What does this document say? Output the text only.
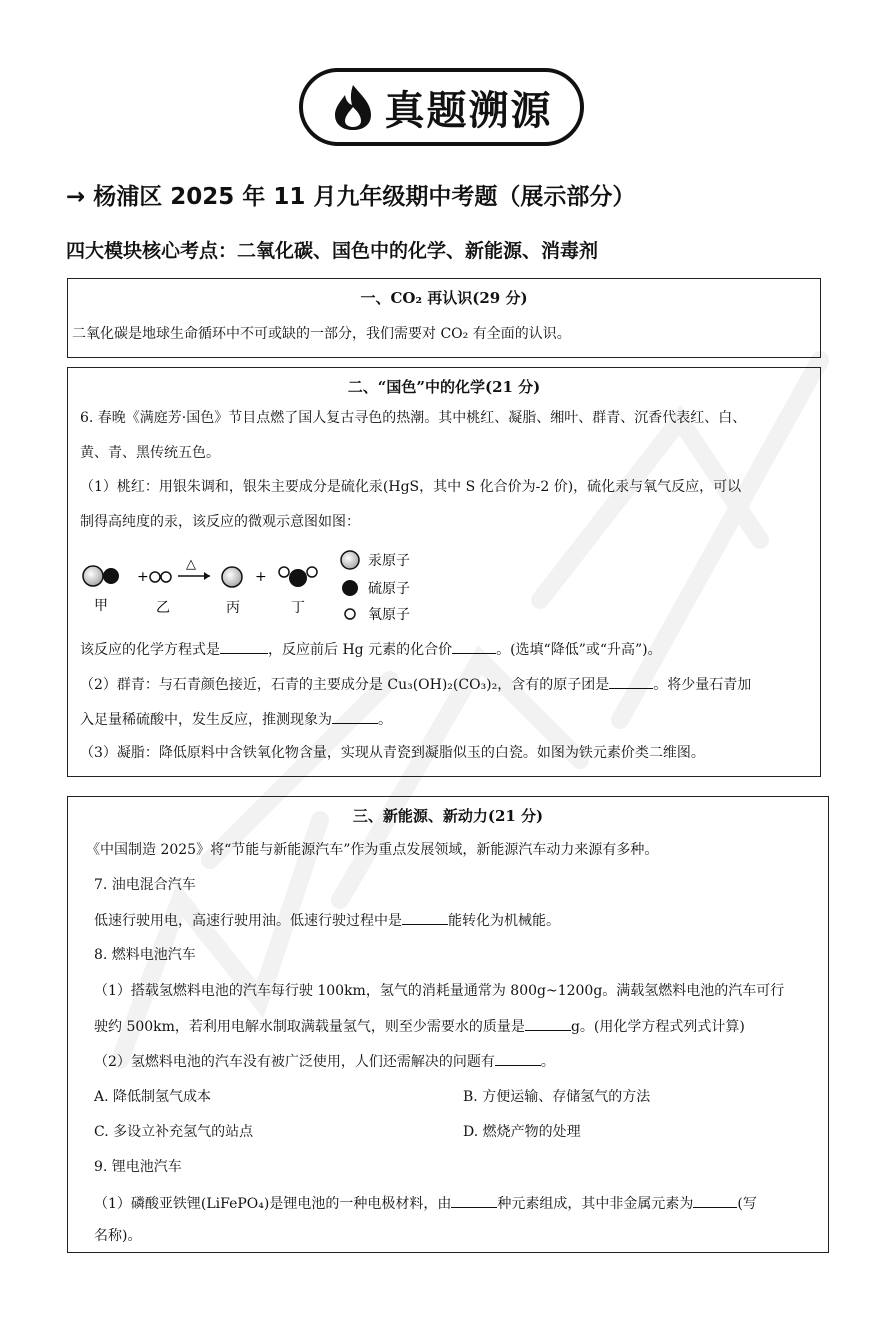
真题溯源
→ 杨浦区 2025 年 11 月九年级期中考题（展示部分）
四大模块核心考点：二氧化碳、国色中的化学、新能源、消毒剂
一、CO₂ 再认识(29 分)
二氧化碳是地球生命循环中不可或缺的一部分，我们需要对 CO₂ 有全面的认识。
二、“国色”中的化学(21 分)
6. 春晚《满庭芳·国色》节目点燃了国人复古寻色的热潮。其中桃红、凝脂、缃叶、群青、沉香代表红、白、
黄、青、黑传统五色。
（1）桃红：用银朱调和，银朱主要成分是硫化汞(HgS，其中 S 化合价为-2 价)，硫化汞与氧气反应，可以
制得高纯度的汞，该反应的微观示意图如图：
+
△
+
甲	乙	丙	丁
汞原子
硫原子
氧原子
该反应的化学方程式是	，反应前后 Hg 元素的化合价	。(选填“降低”或“升高”)。
（2）群青：与石青颜色接近，石青的主要成分是 Cu₃(OH)₂(CO₃)₂，含有的原子团是	。将少量石青加
入足量稀硫酸中，发生反应，推测现象为	。
（3）凝脂：降低原料中含铁氧化物含量，实现从青瓷到凝脂似玉的白瓷。如图为铁元素价类二维图。
三、新能源、新动力(21 分)
《中国制造 2025》将“节能与新能源汽车”作为重点发展领域，新能源汽车动力来源有多种。
7. 油电混合汽车
低速行驶用电，高速行驶用油。低速行驶过程中是	能转化为机械能。
8. 燃料电池汽车
（1）搭载氢燃料电池的汽车每行驶 100km，氢气的消耗量通常为 800g~1200g。满载氢燃料电池的汽车可行
驶约 500km，若利用电解水制取满载量氢气，则至少需要水的质量是	g。(用化学方程式列式计算)
（2）氢燃料电池的汽车没有被广泛使用，人们还需解决的问题有	。
A. 降低制氢气成本	B. 方便运输、存储氢气的方法
C. 多设立补充氢气的站点	D. 燃烧产物的处理
9. 锂电池汽车
（1）磷酸亚铁锂(LiFePO₄)是锂电池的一种电极材料，由	种元素组成，其中非金属元素为	(写
名称)。
